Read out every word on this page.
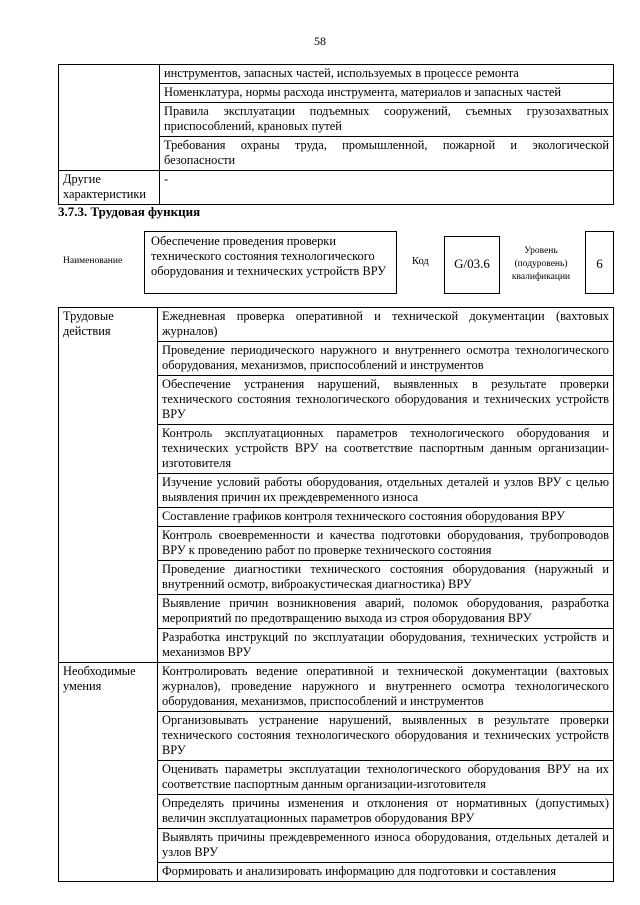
58
	инструментов, запасных частей, используемых в процессе ремонта
	Номенклатура, нормы расхода инструмента, материалов и запасных частей
	Правила эксплуатации подъемных сооружений, съемных грузозахватных приспособлений, крановых путей
	Требования охраны труда, промышленной, пожарной и экологической безопасности
Другие характеристики	-
3.7.3. Трудовая функция
Наименование
Обеспечение проведения проверки технического состояния технологического оборудования и технических устройств ВРУ
Код	G/03.6
Уровень (подуровень) квалификации
6
Трудовые действия	Ежедневная проверка оперативной и технической документации (вахтовых журналов)
	Проведение периодического наружного и внутреннего осмотра технологического оборудования, механизмов, приспособлений и инструментов
	Обеспечение устранения нарушений, выявленных в результате проверки технического состояния технологического оборудования и технических устройств ВРУ
	Контроль эксплуатационных параметров технологического оборудования и технических устройств ВРУ на соответствие паспортным данным организации-изготовителя
	Изучение условий работы оборудования, отдельных деталей и узлов ВРУ с целью выявления причин их преждевременного износа
	Составление графиков контроля технического состояния оборудования ВРУ
	Контроль своевременности и качества подготовки оборудования, трубопроводов ВРУ к проведению работ по проверке технического состояния
	Проведение диагностики технического состояния оборудования (наружный и внутренний осмотр, виброакустическая диагностика) ВРУ
	Выявление причин возникновения аварий, поломок оборудования, разработка мероприятий по предотвращению выхода из строя оборудования ВРУ
	Разработка инструкций по эксплуатации оборудования, технических устройств и механизмов ВРУ
Необходимые умения	Контролировать ведение оперативной и технической документации (вахтовых журналов), проведение наружного и внутреннего осмотра технологического оборудования, механизмов, приспособлений и инструментов
	Организовывать устранение нарушений, выявленных в результате проверки технического состояния технологического оборудования и технических устройств ВРУ
	Оценивать параметры эксплуатации технологического оборудования ВРУ на их соответствие паспортным данным организации-изготовителя
	Определять причины изменения и отклонения от нормативных (допустимых) величин эксплуатационных параметров оборудования ВРУ
	Выявлять причины преждевременного износа оборудования, отдельных деталей и узлов ВРУ
	Формировать и анализировать информацию для подготовки и составления
